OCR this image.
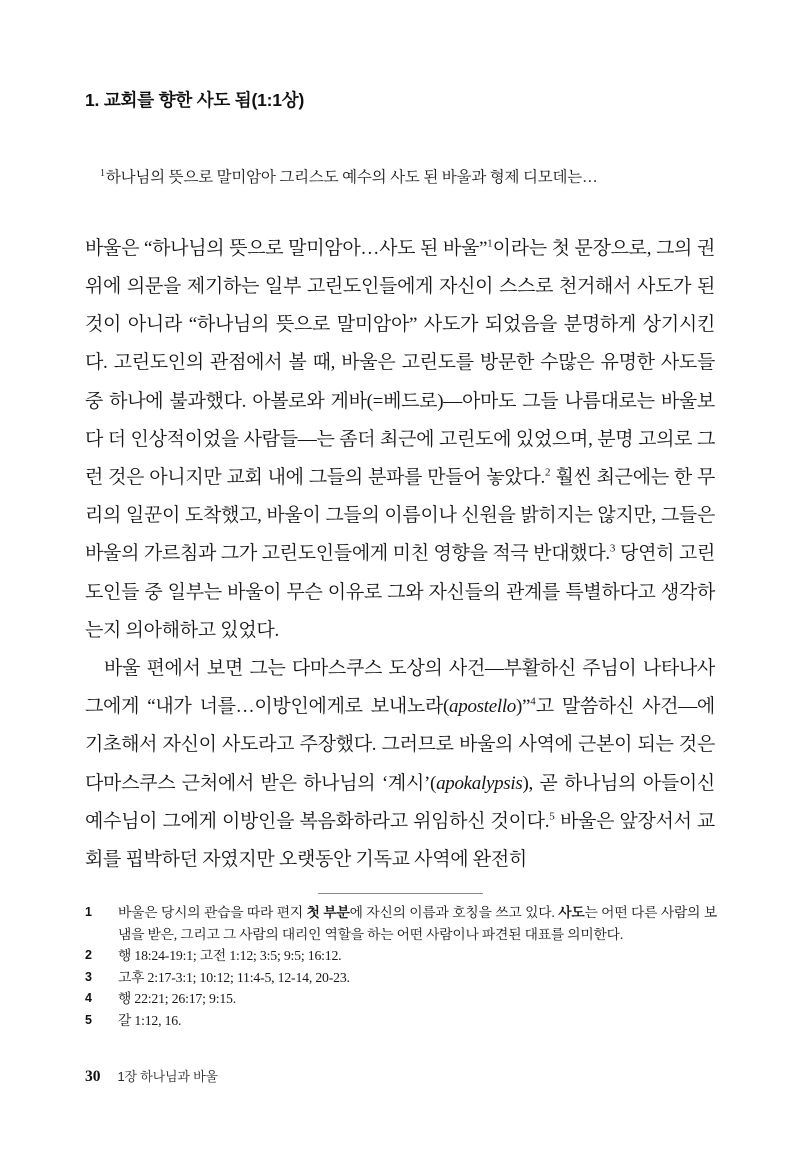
1. 교회를 향한 사도 됨(1:1상)
$^1$하나님의 뜻으로 말미암아 그리스도 예수의 사도 된 바울과 형제 디모데는…

바울은 “하나님의 뜻으로 말미암아…사도 된 바울”$^1$이라는 첫 문장으로, 그의 권위에 의문을 제기하는 일부 고린도인들에게 자신이 스스로 천거해서 사도가 된 것이 아니라 “하나님의 뜻으로 말미암아” 사도가 되었음을 분명하게 상기시킨다. 고린도인의 관점에서 볼 때, 바울은 고린도를 방문한 수많은 유명한 사도들 중 하나에 불과했다. 아볼로와 게바(=베드로)—아마도 그들 나름대로는 바울보다 더 인상적이었을 사람들—는 좀더 최근에 고린도에 있었으며, 분명 고의로 그런 것은 아니지만 교회 내에 그들의 분파를 만들어 놓았다.$^2$ 훨씬 최근에는 한 무리의 일꾼이 도착했고, 바울이 그들의 이름이나 신원을 밝히지는 않지만, 그들은 바울의 가르침과 그가 고린도인들에게 미친 영향을 적극 반대했다.$^3$ 당연히 고린도인들 중 일부는 바울이 무슨 이유로 그와 자신들의 관계를 특별하다고 생각하는지 의아해하고 있었다.

바울 편에서 보면 그는 다마스쿠스 도상의 사건—부활하신 주님이 나타나사 그에게 “내가 너를…이방인에게로 보내노라(apostello)”$^4$고 말씀하신 사건—에 기초해서 자신이 사도라고 주장했다. 그러므로 바울의 사역에 근본이 되는 것은 다마스쿠스 근처에서 받은 하나님의 ‘계시’(apokalypsis), 곧 하나님의 아들이신 예수님이 그에게 이방인을 복음화하라고 위임하신 것이다.$^5$ 바울은 앞장서서 교회를 핍박하던 자였지만 오랫동안 기독교 사역에 완전히

1	바울은 당시의 관습을 따라 편지 첫 부분에 자신의 이름과 호칭을 쓰고 있다. 사도는 어떤 다른 사람의 보냄을 받은, 그리고 그 사람의 대리인 역할을 하는 어떤 사람이나 파견된 대표를 의미한다.
2	행 18:24-19:1; 고전 1:12; 3:5; 9:5; 16:12.
3	고후 2:17-3:1; 10:12; 11:4-5, 12-14, 20-23.
4	행 22:21; 26:17; 9:15.
5	갈 1:12, 16.
30 1장 하나님과 바울
